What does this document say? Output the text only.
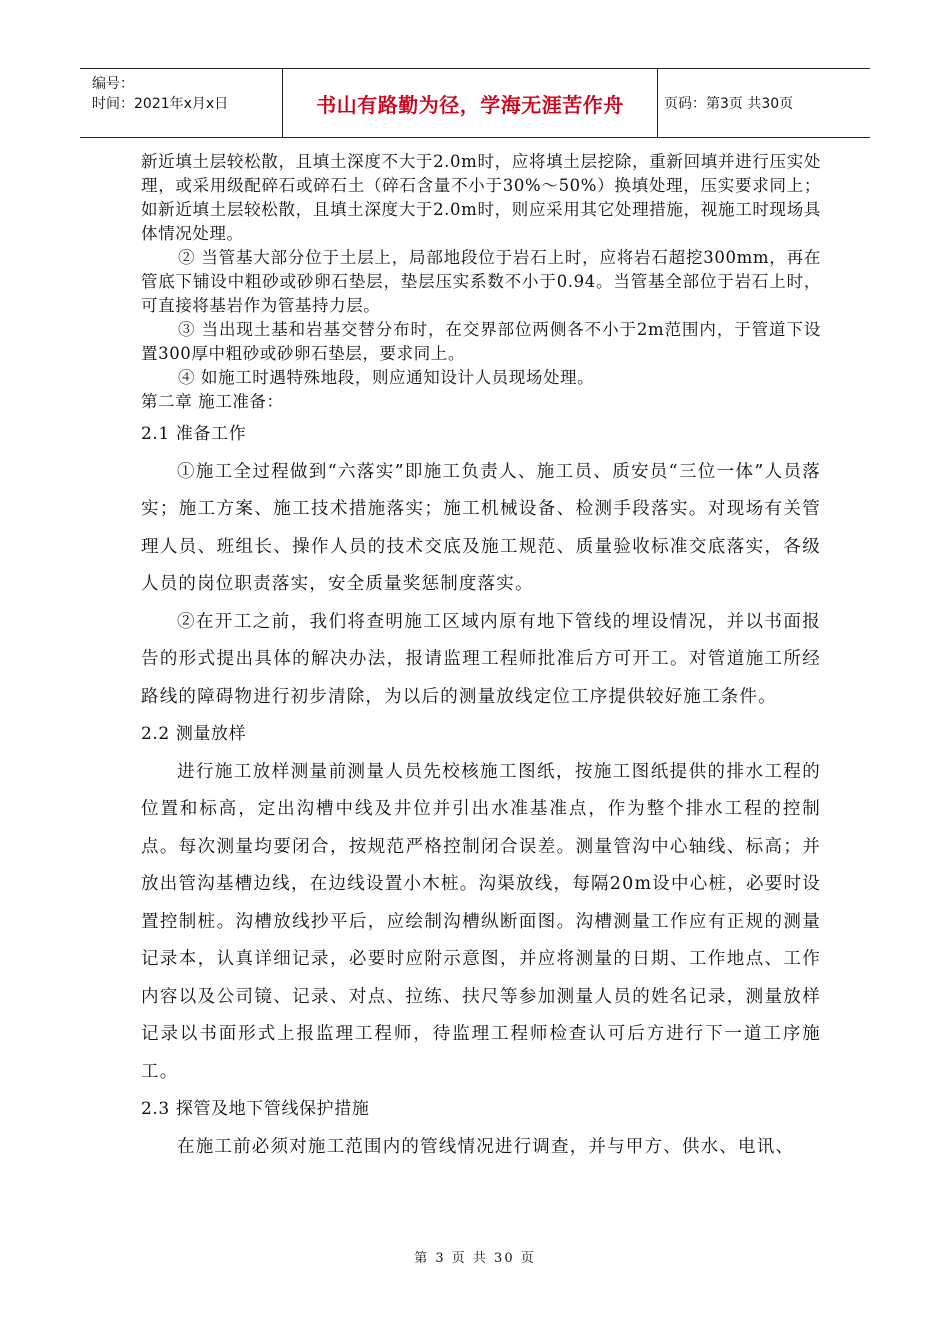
编号：
时间：2021年x月x日	书山有路勤为径，学海无涯苦作舟	页码：第3页 共30页

新近填土层较松散，且填土深度不大于2.0m时，应将填土层挖除，重新回填并进行压实处理，或采用级配碎石或碎石土（碎石含量不小于30%～50%）换填处理，压实要求同上；如新近填土层较松散，且填土深度大于2.0m时，则应采用其它处理措施，视施工时现场具体情况处理。

② 当管基大部分位于土层上，局部地段位于岩石上时，应将岩石超挖300mm，再在管底下铺设中粗砂或砂卵石垫层，垫层压实系数不小于0.94。当管基全部位于岩石上时，可直接将基岩作为管基持力层。

③ 当出现土基和岩基交替分布时，在交界部位两侧各不小于2m范围内，于管道下设置300厚中粗砂或砂卵石垫层，要求同上。

④ 如施工时遇特殊地段，则应通知设计人员现场处理。

第二章 施工准备：

2.1 准备工作

①施工全过程做到“六落实”即施工负责人、施工员、质安员“三位一体”人员落实；施工方案、施工技术措施落实；施工机械设备、检测手段落实。对现场有关管理人员、班组长、操作人员的技术交底及施工规范、质量验收标准交底落实，各级人员的岗位职责落实，安全质量奖惩制度落实。

②在开工之前，我们将查明施工区域内原有地下管线的埋设情况，并以书面报告的形式提出具体的解决办法，报请监理工程师批准后方可开工。对管道施工所经路线的障碍物进行初步清除，为以后的测量放线定位工序提供较好施工条件。

2.2 测量放样

进行施工放样测量前测量人员先校核施工图纸，按施工图纸提供的排水工程的位置和标高，定出沟槽中线及井位并引出水准基准点，作为整个排水工程的控制点。每次测量均要闭合，按规范严格控制闭合误差。测量管沟中心轴线、标高；并放出管沟基槽边线，在边线设置小木桩。沟渠放线，每隔20m设中心桩，必要时设置控制桩。沟槽放线抄平后，应绘制沟槽纵断面图。沟槽测量工作应有正规的测量记录本，认真详细记录，必要时应附示意图，并应将测量的日期、工作地点、工作内容以及公司镜、记录、对点、拉练、扶尺等参加测量人员的姓名记录，测量放样记录以书面形式上报监理工程师，待监理工程师检查认可后方进行下一道工序施工。

2.3 探管及地下管线保护措施

在施工前必须对施工范围内的管线情况进行调查，并与甲方、供水、电讯、

第 3 页 共 30 页
